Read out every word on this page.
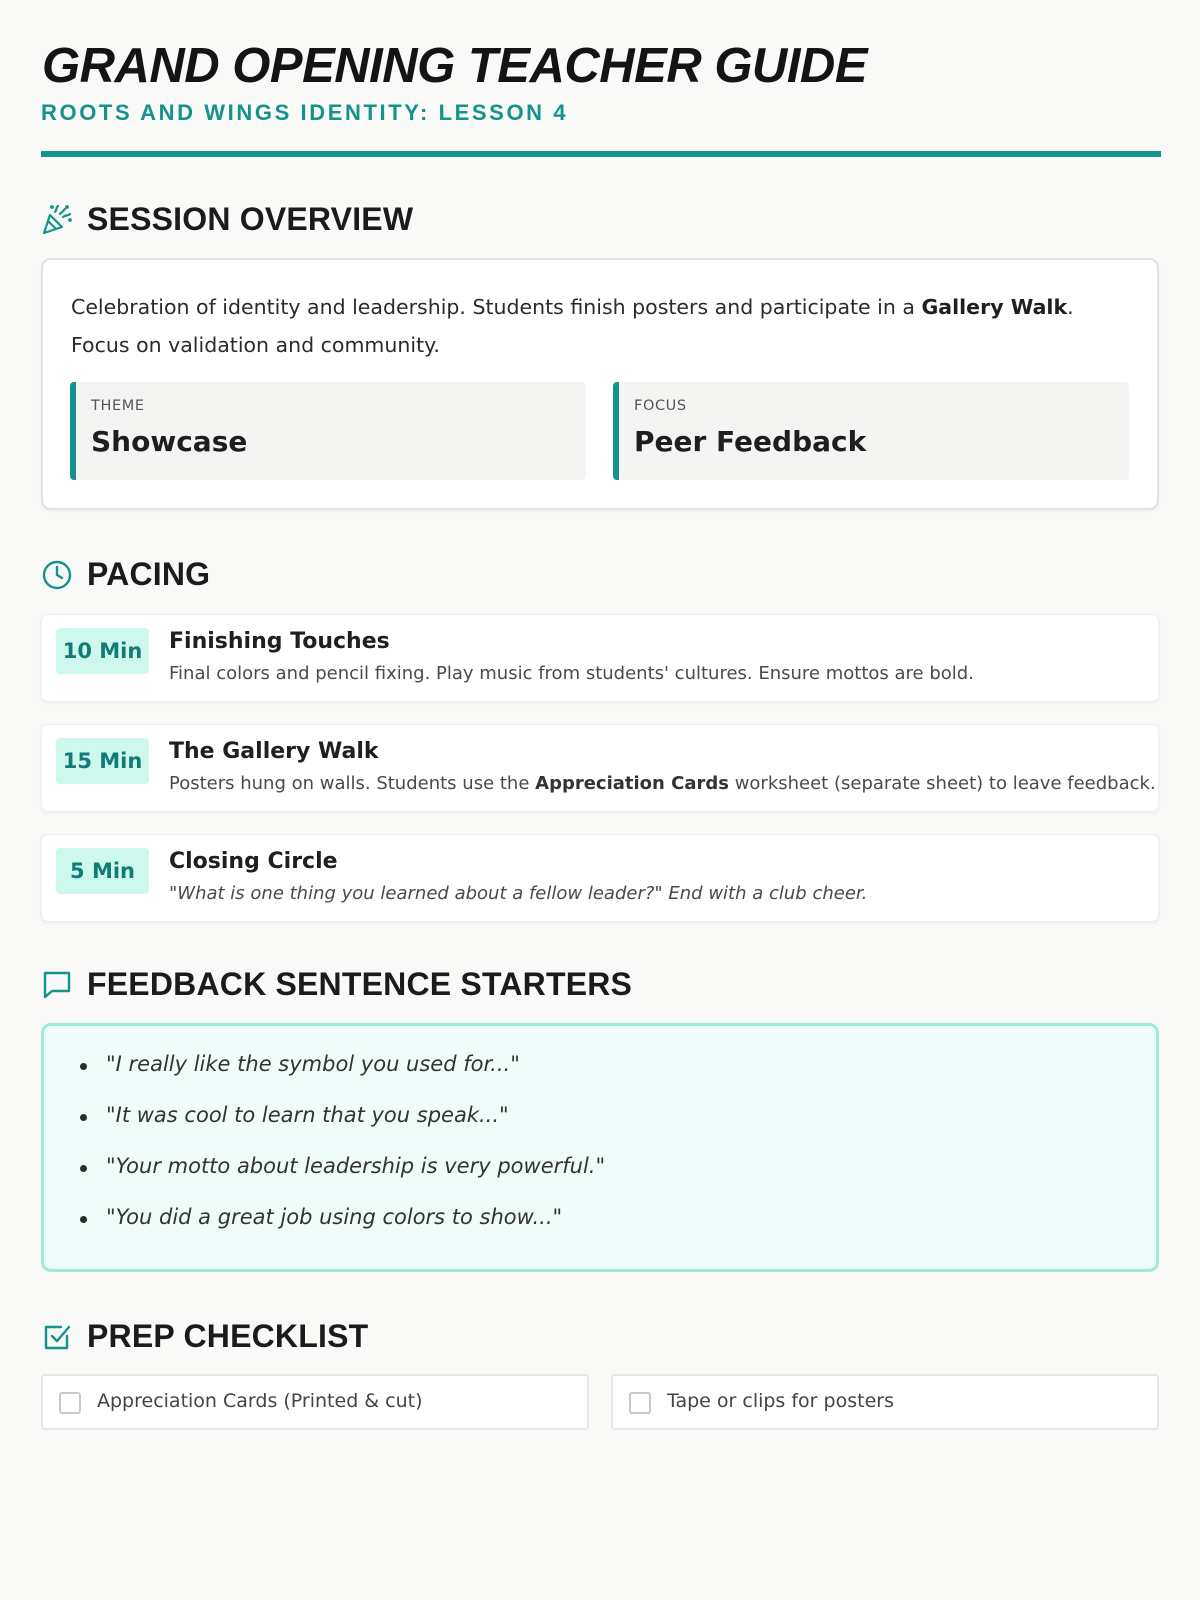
GRAND OPENING TEACHER GUIDE
ROOTS AND WINGS IDENTITY: LESSON 4
SESSION OVERVIEW
Celebration of identity and leadership. Students finish posters and participate in a Gallery Walk.
Focus on validation and community.
THEME
Showcase
FOCUS
Peer Feedback
PACING
10 Min	Finishing Touches
Final colors and pencil fixing. Play music from students' cultures. Ensure mottos are bold.
15 Min	The Gallery Walk
Posters hung on walls. Students use the Appreciation Cards worksheet (separate sheet) to leave feedback.
5 Min	Closing Circle
"What is one thing you learned about a fellow leader?" End with a club cheer.
FEEDBACK SENTENCE STARTERS
"I really like the symbol you used for..."
"It was cool to learn that you speak..."
"Your motto about leadership is very powerful."
"You did a great job using colors to show..."
PREP CHECKLIST
Appreciation Cards (Printed & cut)	Tape or clips for posters
